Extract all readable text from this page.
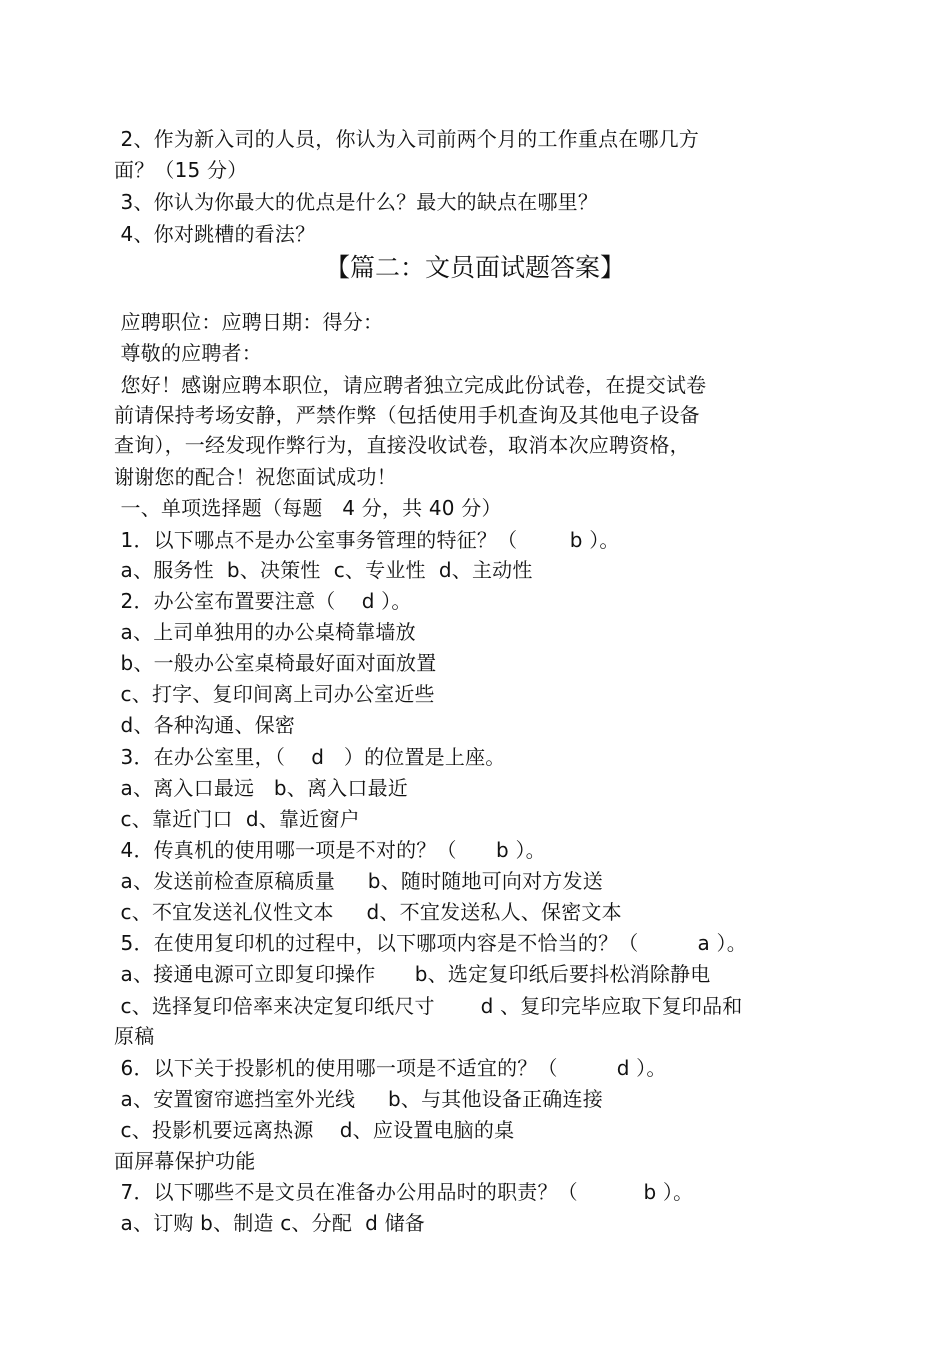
2、作为新入司的人员，你认为入司前两个月的工作重点在哪几方
面？（15 分）
3、你认为你最大的优点是什么？最大的缺点在哪里？
4、你对跳槽的看法？
【篇二：文员面试题答案】
应聘职位：应聘日期：得分：
尊敬的应聘者：
您好！感谢应聘本职位，请应聘者独立完成此份试卷，在提交试卷
前请保持考场安静，严禁作弊（包括使用手机查询及其他电子设备
查询），一经发现作弊行为，直接没收试卷，取消本次应聘资格，
谢谢您的配合！祝您面试成功！
一、单项选择题（每题   4 分，共 40 分）
1．以下哪点不是办公室事务管理的特征？（        b ）。
a、服务性  b、决策性  c、专业性  d、主动性
2．办公室布置要注意（    d ）。
a、上司单独用的办公桌椅靠墙放
b、一般办公室桌椅最好面对面放置
c、打字、复印间离上司办公室近些
d、各种沟通、保密
3．在办公室里，（    d   ）的位置是上座。
a、离入口最远   b、离入口最近
c、靠近门口  d、靠近窗户
4．传真机的使用哪一项是不对的？（      b ）。
a、发送前检查原稿质量     b、随时随地可向对方发送
c、不宜发送礼仪性文本     d、不宜发送私人、保密文本
5．在使用复印机的过程中，以下哪项内容是不恰当的？（         a ）。
a、接通电源可立即复印操作      b、选定复印纸后要抖松消除静电
c、选择复印倍率来决定复印纸尺寸       d 、复印完毕应取下复印品和
原稿
6．以下关于投影机的使用哪一项是不适宜的？（         d ）。
a、安置窗帘遮挡室外光线     b、与其他设备正确连接
c、投影机要远离热源    d、应设置电脑的桌
面屏幕保护功能
7．以下哪些不是文员在准备办公用品时的职责？（          b ）。
a、订购 b、制造 c、分配  d 储备
